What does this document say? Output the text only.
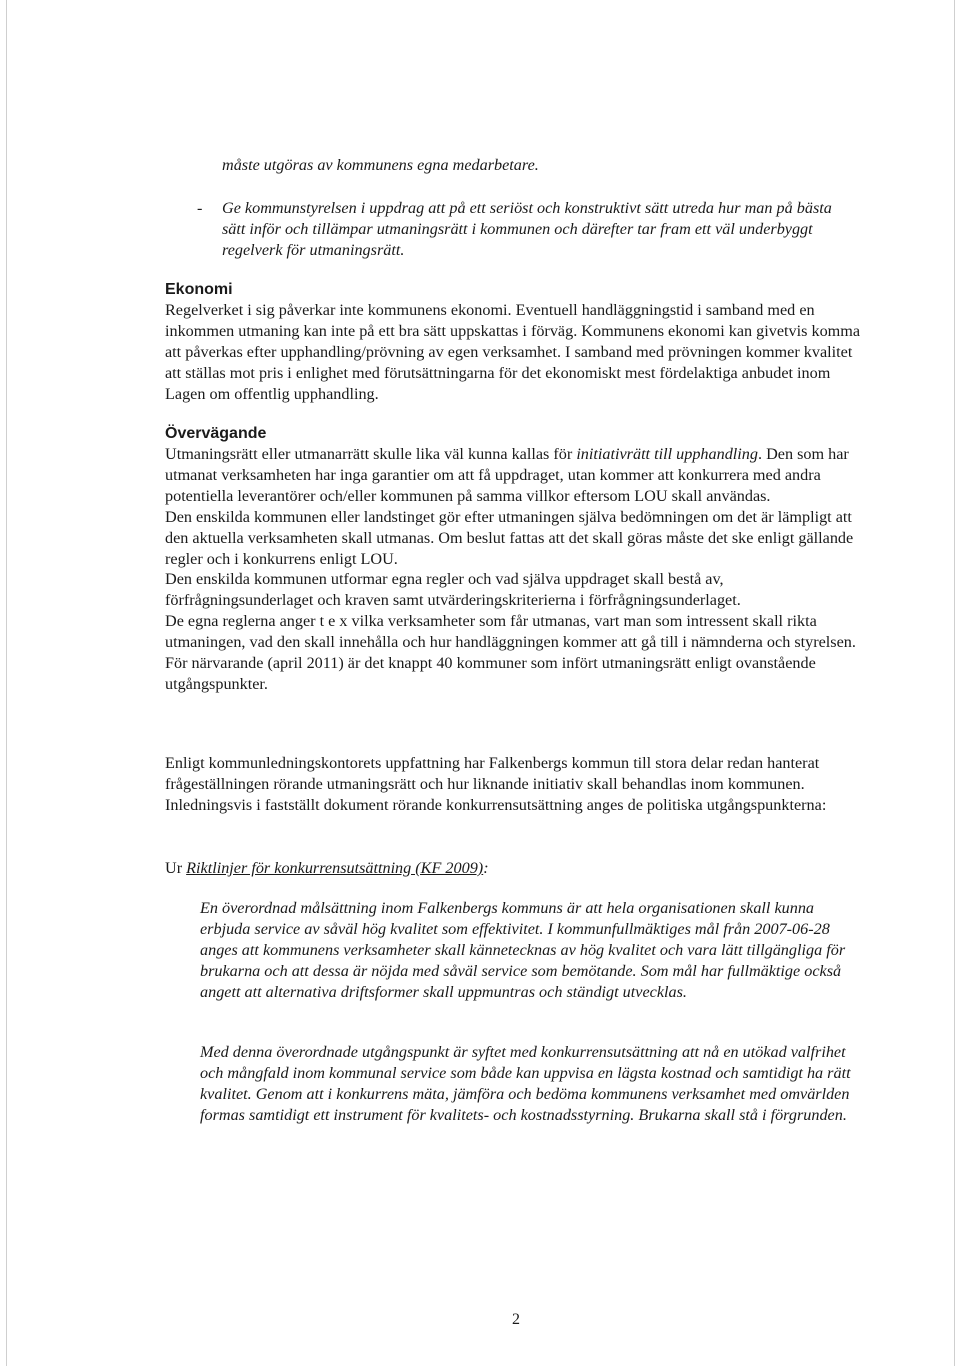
måste utgöras av kommunens egna medarbetare.

- Ge kommunstyrelsen i uppdrag att på ett seriöst och konstruktivt sätt utreda hur man på bästa sätt inför och tillämpar utmaningsrätt i kommunen och därefter tar fram ett väl underbyggt regelverk för utmaningsrätt.

Ekonomi

Regelverket i sig påverkar inte kommunens ekonomi. Eventuell handläggningstid i samband med en inkommen utmaning kan inte på ett bra sätt uppskattas i förväg. Kommunens ekonomi kan givetvis komma att påverkas efter upphandling/prövning av egen verksamhet. I samband med prövningen kommer kvalitet att ställas mot pris i enlighet med förutsättningarna för det ekonomiskt mest fördelaktiga anbudet inom Lagen om offentlig upphandling.

Övervägande

Utmaningsrätt eller utmanarrätt skulle lika väl kunna kallas för initiativrätt till upphandling. Den som har utmanat verksamheten har inga garantier om att få uppdraget, utan kommer att konkurrera med andra potentiella leverantörer och/eller kommunen på samma villkor eftersom LOU skall användas.

Den enskilda kommunen eller landstinget gör efter utmaningen själva bedömningen om det är lämpligt att den aktuella verksamheten skall utmanas. Om beslut fattas att det skall göras måste det ske enligt gällande regler och i konkurrens enligt LOU.

Den enskilda kommunen utformar egna regler och vad själva uppdraget skall bestå av, förfrågningsunderlaget och kraven samt utvärderingskriterierna i förfrågningsunderlaget.

De egna reglerna anger t e x vilka verksamheter som får utmanas, vart man som intressent skall rikta utmaningen, vad den skall innehålla och hur handläggningen kommer att gå till i nämnderna och styrelsen.

För närvarande (april 2011) är det knappt 40 kommuner som infört utmaningsrätt enligt ovanstående utgångspunkter.

Enligt kommunledningskontorets uppfattning har Falkenbergs kommun till stora delar redan hanterat frågeställningen rörande utmaningsrätt och hur liknande initiativ skall behandlas inom kommunen. Inledningsvis i fastställt dokument rörande konkurrensutsättning anges de politiska utgångspunkterna:

Ur Riktlinjer för konkurrensutsättning (KF 2009):

En överordnad målsättning inom Falkenbergs kommuns är att hela organisationen skall kunna erbjuda service av såväl hög kvalitet som effektivitet. I kommunfullmäktiges mål från 2007-06-28 anges att kommunens verksamheter skall kännetecknas av hög kvalitet och vara lätt tillgängliga för brukarna och att dessa är nöjda med såväl service som bemötande. Som mål har fullmäktige också angett att alternativa driftsformer skall uppmuntras och ständigt utvecklas.

Med denna överordnade utgångspunkt är syftet med konkurrensutsättning att nå en utökad valfrihet och mångfald inom kommunal service som både kan uppvisa en lägsta kostnad och samtidigt ha rätt kvalitet. Genom att i konkurrens mäta, jämföra och bedöma kommunens verksamhet med omvärlden formas samtidigt ett instrument för kvalitets- och kostnadsstyrning. Brukarna skall stå i förgrunden.

2
